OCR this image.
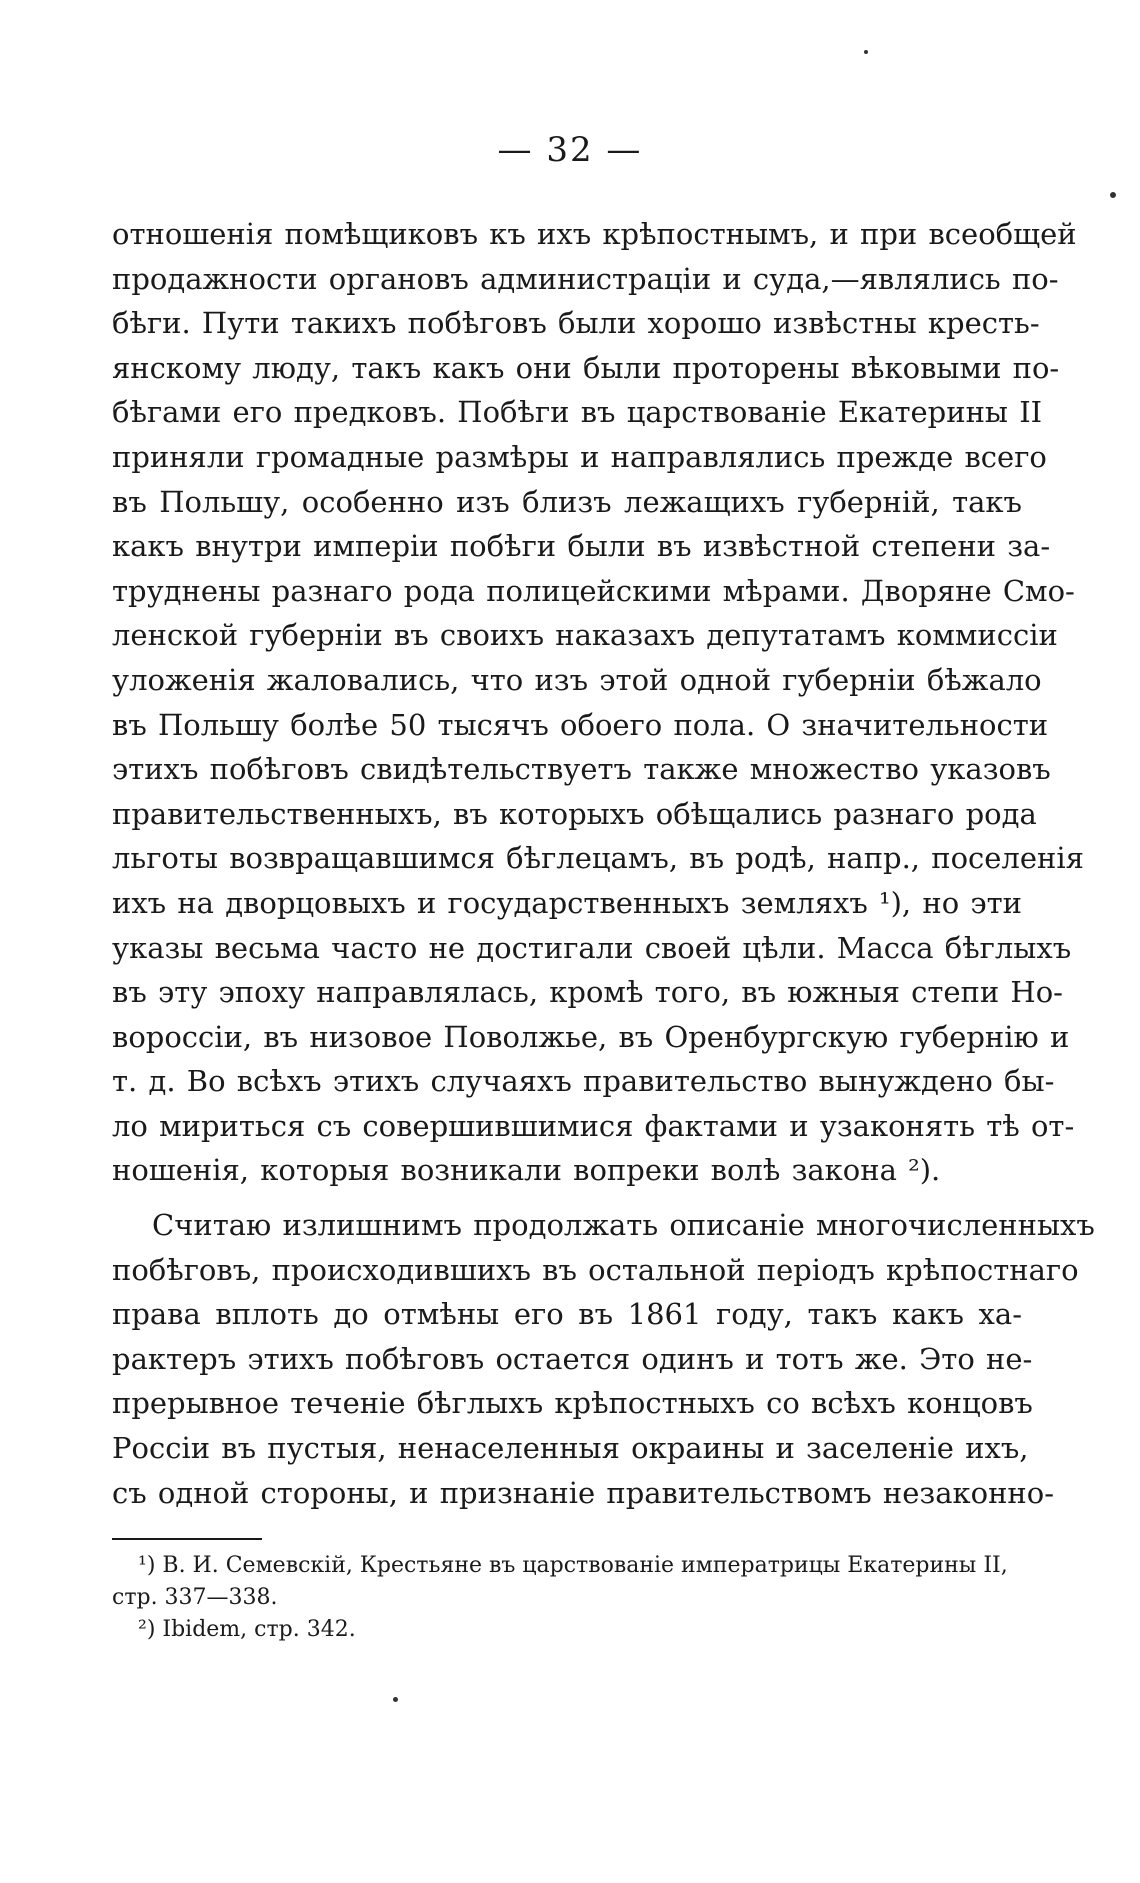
— 32 —
отношенія помѣщиковъ къ ихъ крѣпостнымъ, и при всеобщей
продажности органовъ администраціи и суда,—являлись по-
бѣги. Пути такихъ побѣговъ были хорошо извѣстны кресть-
янскому люду, такъ какъ они были проторены вѣковыми по-
бѣгами его предковъ. Побѣги въ царствованіе Екатерины II
приняли громадные размѣры и направлялись прежде всего
въ Польшу, особенно изъ близъ лежащихъ губерній, такъ
какъ внутри имперіи побѣги были въ извѣстной степени за-
труднены разнаго рода полицейскими мѣрами. Дворяне Смо-
ленской губерніи въ своихъ наказахъ депутатамъ коммиссіи
уложенія жаловались, что изъ этой одной губерніи бѣжало
въ Польшу болѣе 50 тысячъ обоего пола. О значительности
этихъ побѣговъ свидѣтельствуетъ также множество указовъ
правительственныхъ, въ которыхъ обѣщались разнаго рода
льготы возвращавшимся бѣглецамъ, въ родѣ, напр., поселенія
ихъ на дворцовыхъ и государственныхъ земляхъ ¹), но эти
указы весьма часто не достигали своей цѣли. Масса бѣглыхъ
въ эту эпоху направлялась, кромѣ того, въ южныя степи Но-
вороссіи, въ низовое Поволжье, въ Оренбургскую губернію и
т. д. Во всѣхъ этихъ случаяхъ правительство вынуждено бы-
ло мириться съ совершившимися фактами и узаконять тѣ от-
ношенія, которыя возникали вопреки волѣ закона ²).
Считаю излишнимъ продолжать описаніе многочисленныхъ
побѣговъ, происходившихъ въ остальной періодъ крѣпостнаго
права вплоть до отмѣны его въ 1861 году, такъ какъ ха-
рактеръ этихъ побѣговъ остается одинъ и тотъ же. Это не-
прерывное теченіе бѣглыхъ крѣпостныхъ со всѣхъ концовъ
Россіи въ пустыя, ненаселенныя окраины и заселеніе ихъ,
съ одной стороны, и признаніе правительствомъ незаконно-
¹) В. И. Семевскій, Крестьяне въ царствованіе императрицы Екатерины II,
стр. 337—338.
²) Ibidem, стр. 342.
